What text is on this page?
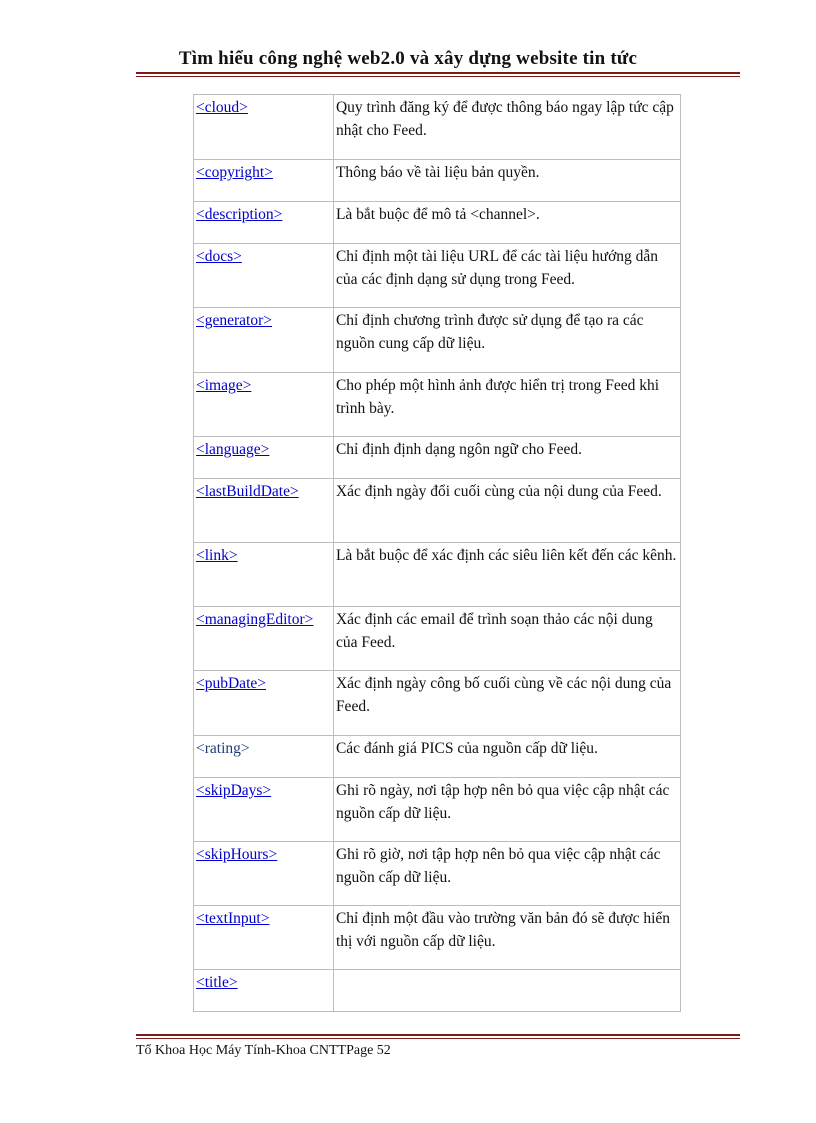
Tìm hiểu công nghệ web2.0 và xây dựng website tin tức
<cloud>	Quy trình đăng ký để được thông báo ngay lập tức cập nhật cho Feed.
<copyright>	Thông báo về tài liệu bản quyền.
<description>	Là bắt buộc để mô tả <channel>.
<docs>	Chỉ định một tài liệu URL để các tài liệu hướng dẫn của các định dạng sử dụng trong Feed.
<generator>	Chỉ định chương trình được sử dụng để tạo ra các nguồn cung cấp dữ liệu.
<image>	Cho phép một hình ảnh được hiển trị trong Feed khi trình bày.
<language>	Chỉ định định dạng ngôn ngữ cho Feed.
<lastBuildDate>	Xác định ngày đổi cuối cùng của nội dung của Feed.
<link>	Là bắt buộc để xác định các siêu liên kết đến các kênh.
<managingEditor>	Xác định các email để trình soạn thảo các nội dung của Feed.
<pubDate>	Xác định ngày công bố cuối cùng về các nội dung của Feed.
<rating>	Các đánh giá PICS của nguồn cấp dữ liệu.
<skipDays>	Ghi rõ ngày, nơi tập hợp nên bỏ qua việc cập nhật các nguồn cấp dữ liệu.
<skipHours>	Ghi rõ giờ, nơi tập hợp nên bỏ qua việc cập nhật các nguồn cấp dữ liệu.
<textInput>	Chỉ định một đầu vào trường văn bản đó sẽ được hiển thị với nguồn cấp dữ liệu.
<title>	
Tổ Khoa Học Máy Tính-Khoa CNTTPage 52
